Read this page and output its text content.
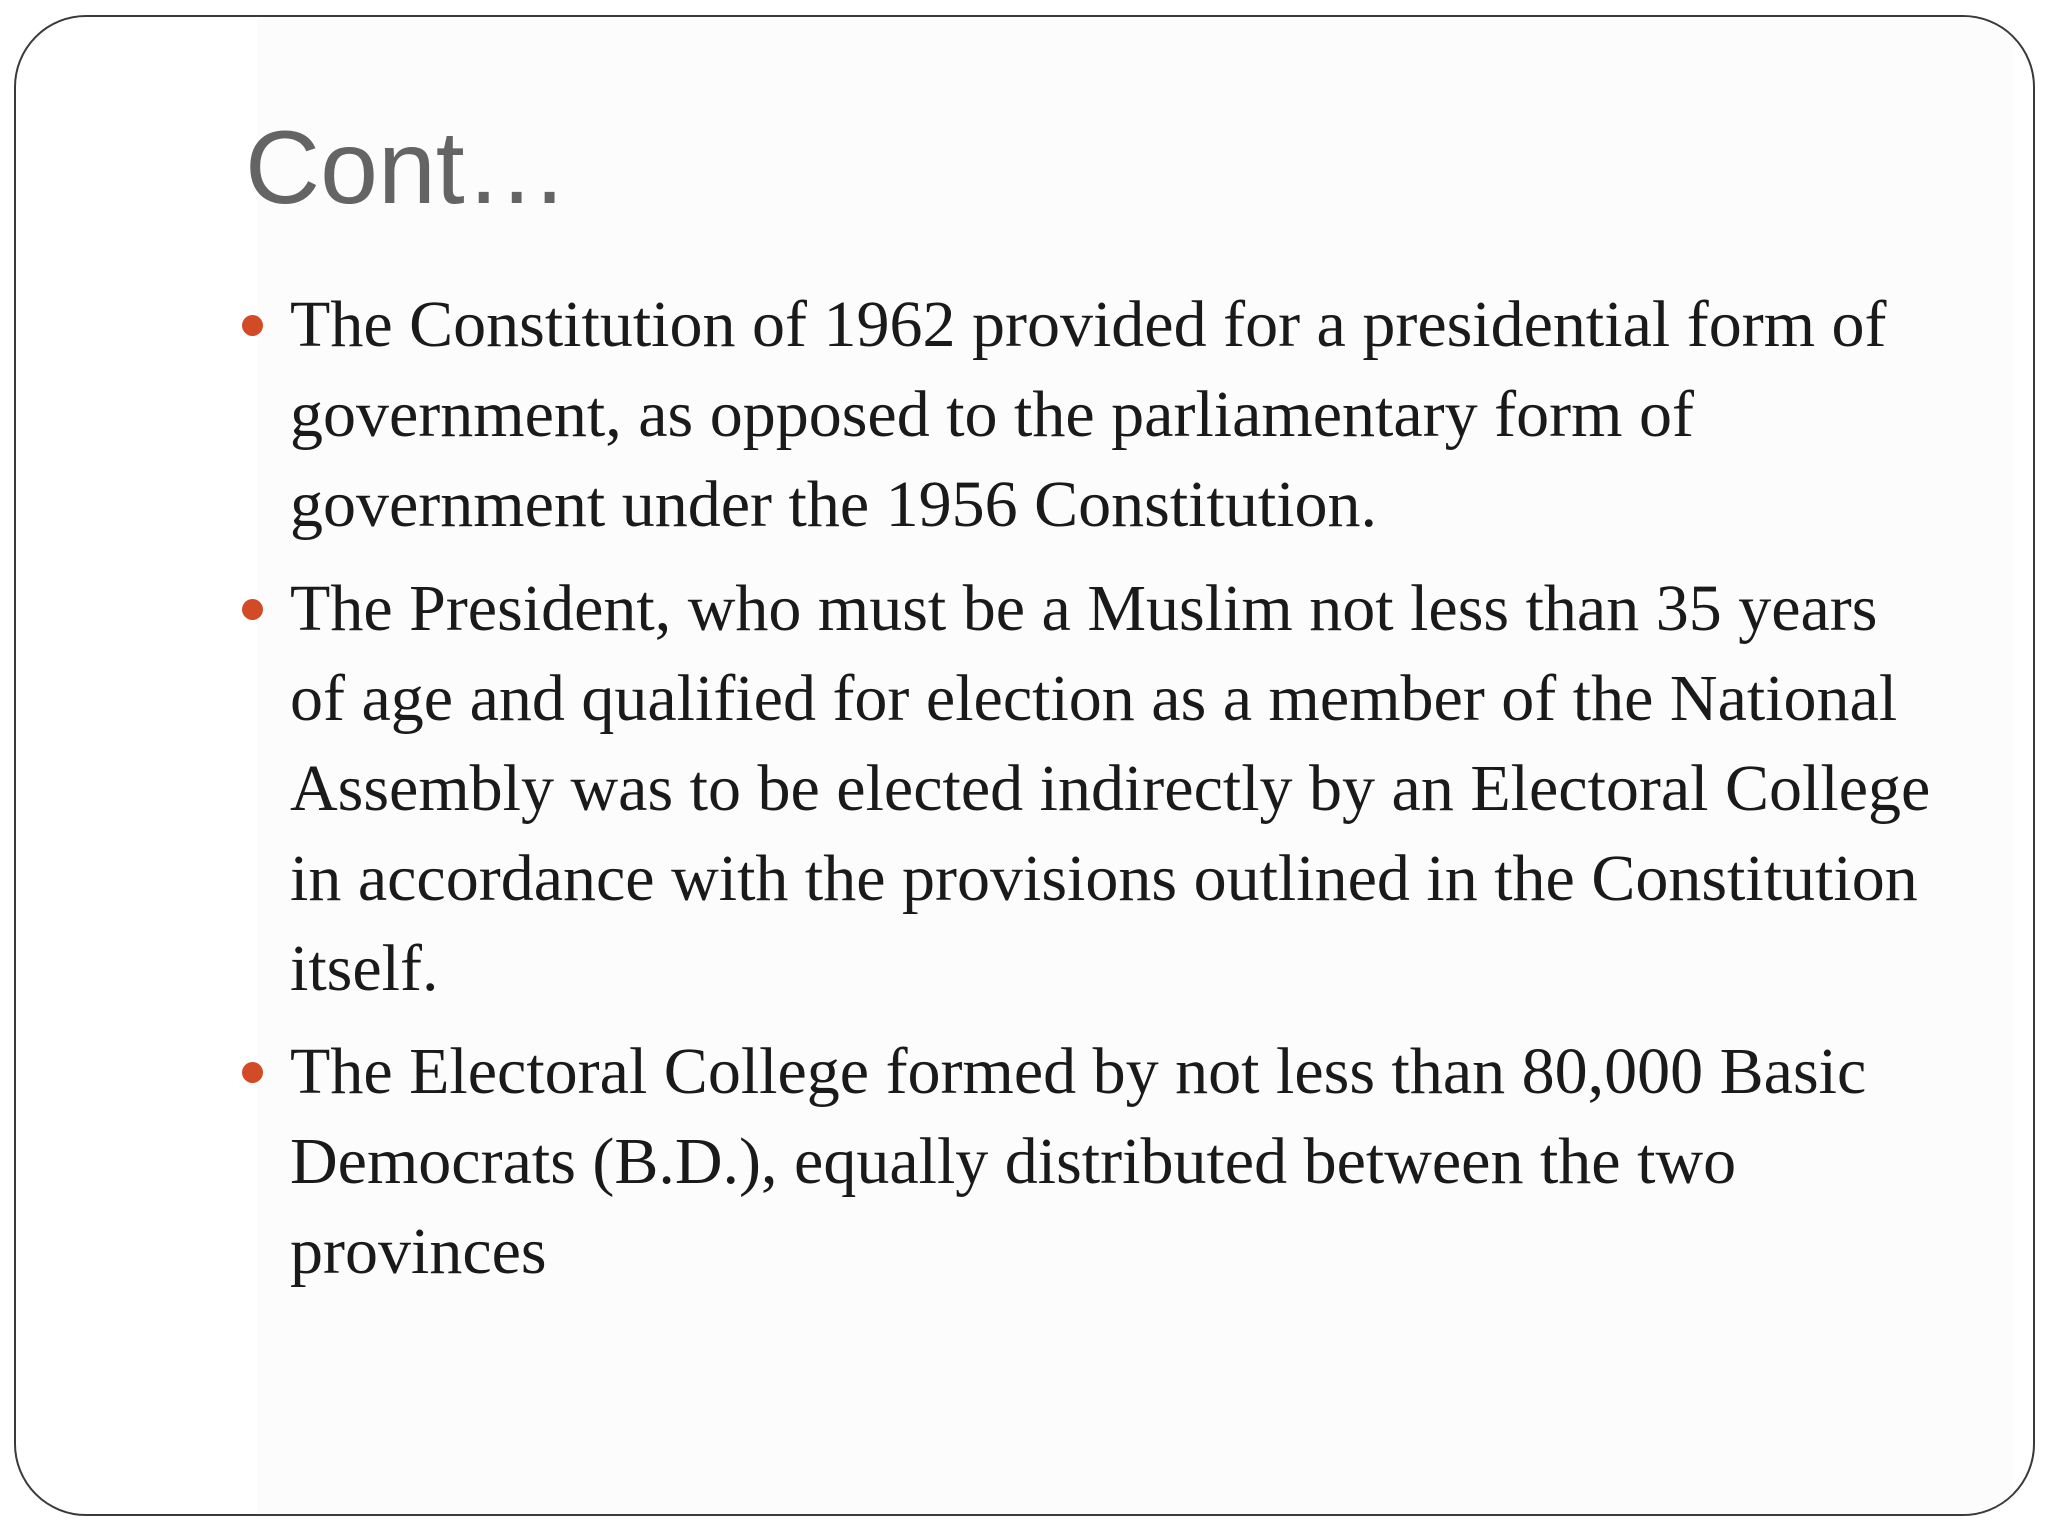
Cont…
The Constitution of 1962 provided for a presidential form of government, as opposed to the parliamentary form of government under the 1956 Constitution.
The President, who must be a Muslim not less than 35 years of age and qualified for election as a member of the National Assembly was to be elected indirectly by an Electoral College in accordance with the provisions outlined in the Constitution itself.
The Electoral College formed by not less than 80,000 Basic Democrats (B.D.), equally distributed between the two provinces
